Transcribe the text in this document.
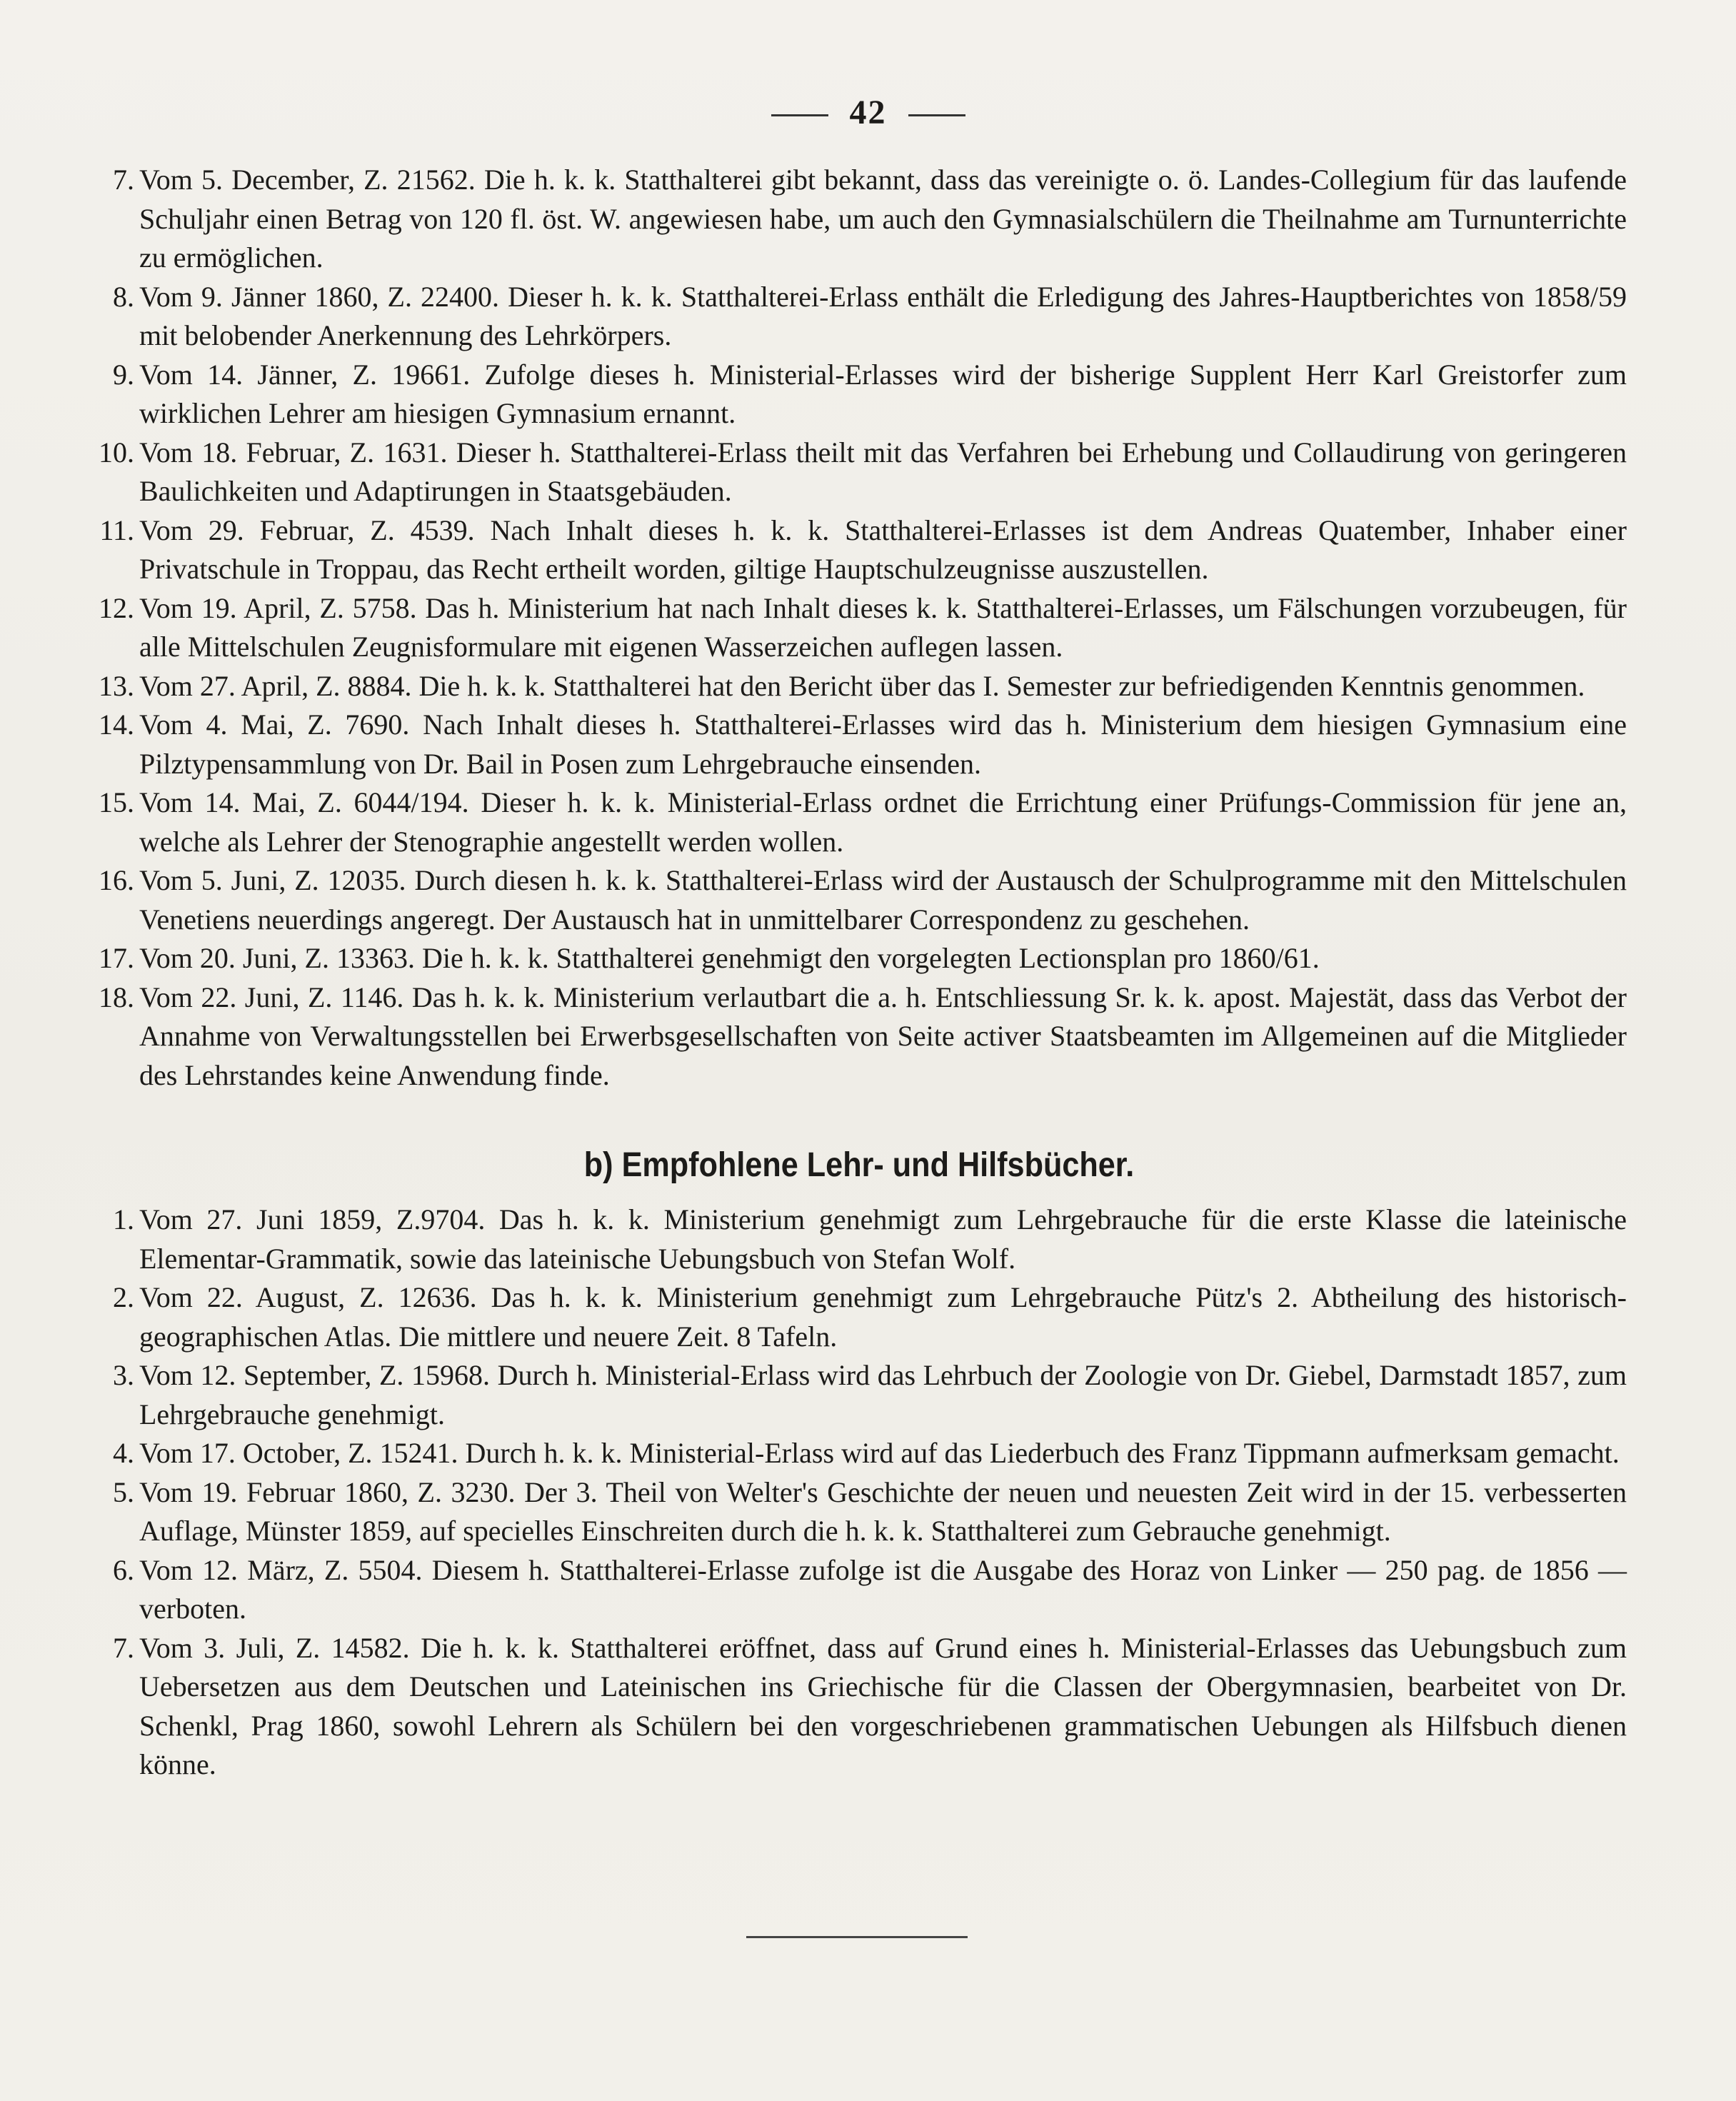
42
7. Vom 5. December, Z. 21562. Die h. k. k. Statthalterei gibt bekannt, dass das vereinigte o. ö. Landes-Collegium für das laufende Schuljahr einen Betrag von 120 fl. öst. W. angewiesen habe, um auch den Gymnasialschülern die Theilnahme am Turnunterrichte zu ermöglichen.
8. Vom 9. Jänner 1860, Z. 22400. Dieser h. k. k. Statthalterei-Erlass enthält die Erledigung des Jahres-Hauptberichtes von 1858/59 mit belobender Anerkennung des Lehrkörpers.
9. Vom 14. Jänner, Z. 19661. Zufolge dieses h. Ministerial-Erlasses wird der bisherige Supplent Herr Karl Greistorfer zum wirklichen Lehrer am hiesigen Gymnasium ernannt.
10. Vom 18. Februar, Z. 1631. Dieser h. Statthalterei-Erlass theilt mit das Verfahren bei Erhebung und Collaudirung von geringeren Baulichkeiten und Adaptirungen in Staatsgebäuden.
11. Vom 29. Februar, Z. 4539. Nach Inhalt dieses h. k. k. Statthalterei-Erlasses ist dem Andreas Quatember, Inhaber einer Privatschule in Troppau, das Recht ertheilt worden, giltige Hauptschulzeugnisse auszustellen.
12. Vom 19. April, Z. 5758. Das h. Ministerium hat nach Inhalt dieses k. k. Statthalterei-Erlasses, um Fälschungen vorzubeugen, für alle Mittelschulen Zeugnisformulare mit eigenen Wasserzeichen auflegen lassen.
13. Vom 27. April, Z. 8884. Die h. k. k. Statthalterei hat den Bericht über das I. Semester zur befriedigenden Kenntnis genommen.
14. Vom 4. Mai, Z. 7690. Nach Inhalt dieses h. Statthalterei-Erlasses wird das h. Ministerium dem hiesigen Gymnasium eine Pilztypensammlung von Dr. Bail in Posen zum Lehrgebrauche einsenden.
15. Vom 14. Mai, Z. 6044/194. Dieser h. k. k. Ministerial-Erlass ordnet die Errichtung einer Prüfungs-Commission für jene an, welche als Lehrer der Stenographie angestellt werden wollen.
16. Vom 5. Juni, Z. 12035. Durch diesen h. k. k. Statthalterei-Erlass wird der Austausch der Schulprogramme mit den Mittelschulen Venetiens neuerdings angeregt. Der Austausch hat in unmittelbarer Correspondenz zu geschehen.
17. Vom 20. Juni, Z. 13363. Die h. k. k. Statthalterei genehmigt den vorgelegten Lectionsplan pro 1860/61.
18. Vom 22. Juni, Z. 1146. Das h. k. k. Ministerium verlautbart die a. h. Entschliessung Sr. k. k. apost. Majestät, dass das Verbot der Annahme von Verwaltungsstellen bei Erwerbsgesellschaften von Seite activer Staatsbeamten im Allgemeinen auf die Mitglieder des Lehrstandes keine Anwendung finde.
b) Empfohlene Lehr- und Hilfsbücher.
1. Vom 27. Juni 1859, Z.9704. Das h. k. k. Ministerium genehmigt zum Lehrgebrauche für die erste Klasse die lateinische Elementar-Grammatik, sowie das lateinische Uebungsbuch von Stefan Wolf.
2. Vom 22. August, Z. 12636. Das h. k. k. Ministerium genehmigt zum Lehrgebrauche Pütz's 2. Abtheilung des historisch-geographischen Atlas. Die mittlere und neuere Zeit. 8 Tafeln.
3. Vom 12. September, Z. 15968. Durch h. Ministerial-Erlass wird das Lehrbuch der Zoologie von Dr. Giebel, Darmstadt 1857, zum Lehrgebrauche genehmigt.
4. Vom 17. October, Z. 15241. Durch h. k. k. Ministerial-Erlass wird auf das Liederbuch des Franz Tippmann aufmerksam gemacht.
5. Vom 19. Februar 1860, Z. 3230. Der 3. Theil von Welter's Geschichte der neuen und neuesten Zeit wird in der 15. verbesserten Auflage, Münster 1859, auf specielles Einschreiten durch die h. k. k. Statthalterei zum Gebrauche genehmigt.
6. Vom 12. März, Z. 5504. Diesem h. Statthalterei-Erlasse zufolge ist die Ausgabe des Horaz von Linker — 250 pag. de 1856 — verboten.
7. Vom 3. Juli, Z. 14582. Die h. k. k. Statthalterei eröffnet, dass auf Grund eines h. Ministerial-Erlasses das Uebungsbuch zum Uebersetzen aus dem Deutschen und Lateinischen ins Griechische für die Classen der Obergymnasien, bearbeitet von Dr. Schenkl, Prag 1860, sowohl Lehrern als Schülern bei den vorgeschriebenen grammatischen Uebungen als Hilfsbuch dienen könne.
